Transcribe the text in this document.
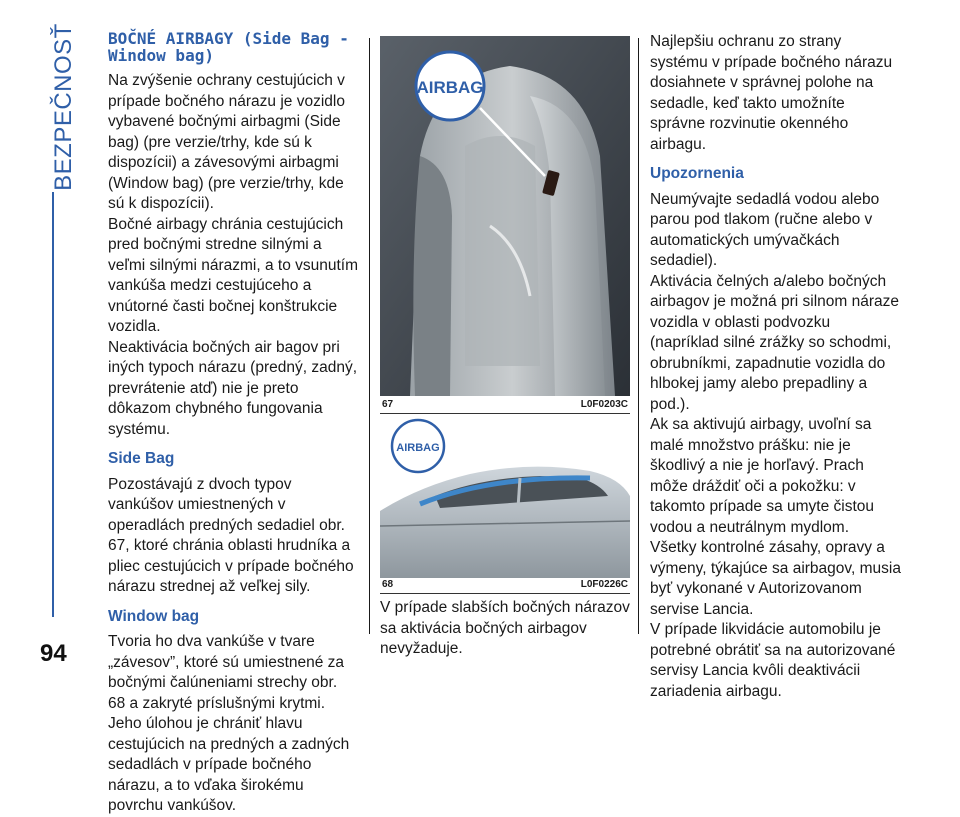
BEZPEČNOSŤ
94
BOČNÉ AIRBAGY (Side Bag - Window bag)

Na zvýšenie ochrany cestujúcich v prípade bočného nárazu je vozidlo vybavené bočnými airbagmi (Side bag) (pre verzie/trhy, kde sú k dispozícii) a závesovými airbagmi (Window bag) (pre verzie/trhy, kde sú k dispozícii).

Bočné airbagy chránia cestujúcich pred bočnými stredne silnými a veľmi silnými nárazmi, a to vsunutím vankúša medzi cestujúceho a vnútorné časti bočnej konštrukcie vozidla.

Neaktivácia bočných air bagov pri iných typoch nárazu (predný, zadný, prevrátenie atď) nie je preto dôkazom chybného fungovania systému.

Side Bag

Pozostávajú z dvoch typov vankúšov umiestnených v operadlách predných sedadiel obr. 67, ktoré chránia oblasti hrudníka a pliec cestujúcich v prípade bočného nárazu strednej až veľkej sily.

Window bag

Tvoria ho dva vankúše v tvare „závesov”, ktoré sú umiestnené za bočnými čalúneniami strechy obr. 68 a zakryté príslušnými krytmi. Jeho úlohou je chrániť hlavu cestujúcich na predných a zadných sedadlách v prípade bočného nárazu, a to vďaka širokému povrchu vankúšov.

AIRBAG
67	L0F0203C
AIRBAG
68	L0F0226C
V prípade slabších bočných nárazov sa aktivácia bočných airbagov nevyžaduje.

Najlepšiu ochranu zo strany systému v prípade bočného nárazu dosiahnete v správnej polohe na sedadle, keď takto umožníte správne rozvinutie okenného airbagu.

Upozornenia

Neumývajte sedadlá vodou alebo parou pod tlakom (ručne alebo v automatických umývačkách sedadiel).

Aktivácia čelných a/alebo bočných airbagov je možná pri silnom náraze vozidla v oblasti podvozku (napríklad silné zrážky so schodmi, obrubníkmi, zapadnutie vozidla do hlbokej jamy alebo prepadliny a pod.).

Ak sa aktivujú airbagy, uvoľní sa malé množstvo prášku: nie je škodlivý a nie je horľavý. Prach môže dráždiť oči a pokožku: v takomto prípade sa umyte čistou vodou a neutrálnym mydlom.

Všetky kontrolné zásahy, opravy a výmeny, týkajúce sa airbagov, musia byť vykonané v Autorizovanom servise Lancia.

V prípade likvidácie automobilu je potrebné obrátiť sa na autorizované servisy Lancia kvôli deaktivácii zariadenia airbagu.
